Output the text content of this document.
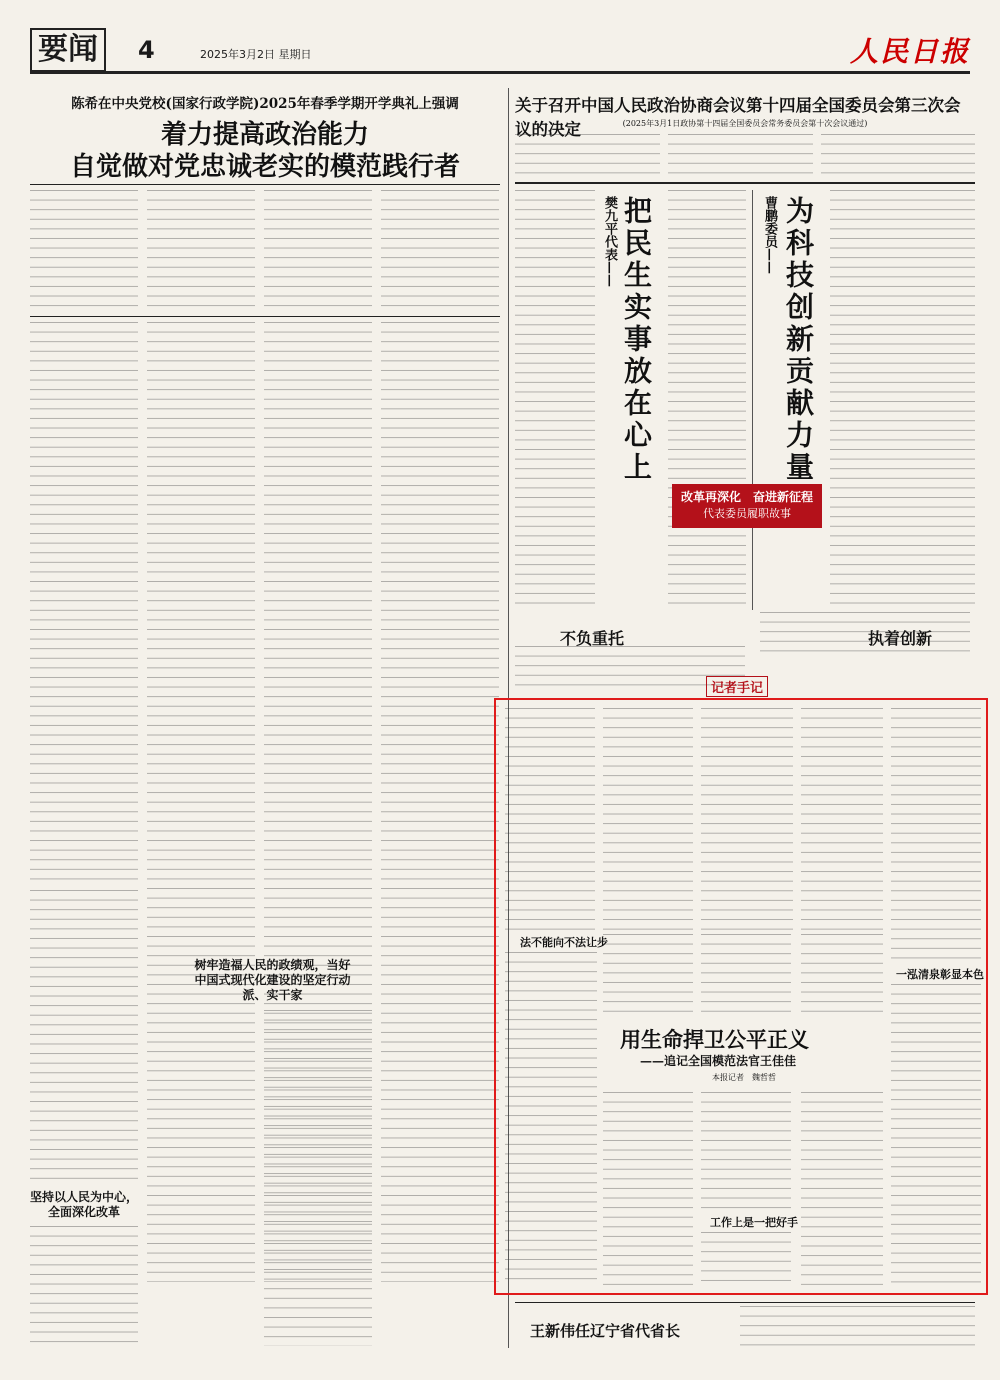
要闻	4	2025年3月2日 星期日	人民日报
陈希在中央党校(国家行政学院)2025年春季学期开学典礼上强调
着力提高政治能力
自觉做对党忠诚老实的模范践行者
树牢造福人民的政绩观，当好中国式现代化建设的坚定行动派、实干家
坚持以人民为中心，全面深化改革
关于召开中国人民政治协商会议第十四届全国委员会第三次会议的决定	(2025年3月1日政协第十四届全国委员会常务委员会第十次会议通过)
樊九平代表—— 把民生实事放在心上	曹鹏委员—— 为科技创新贡献力量
改革再深化　奋进新征程
代表委员履职故事
不负重托	执着创新
记者手记
法不能向不法让步
一泓清泉彰显本色
用生命捍卫公平正义
——追记全国模范法官王佳佳
本报记者　魏哲哲
工作上是一把好手
王新伟任辽宁省代省长
